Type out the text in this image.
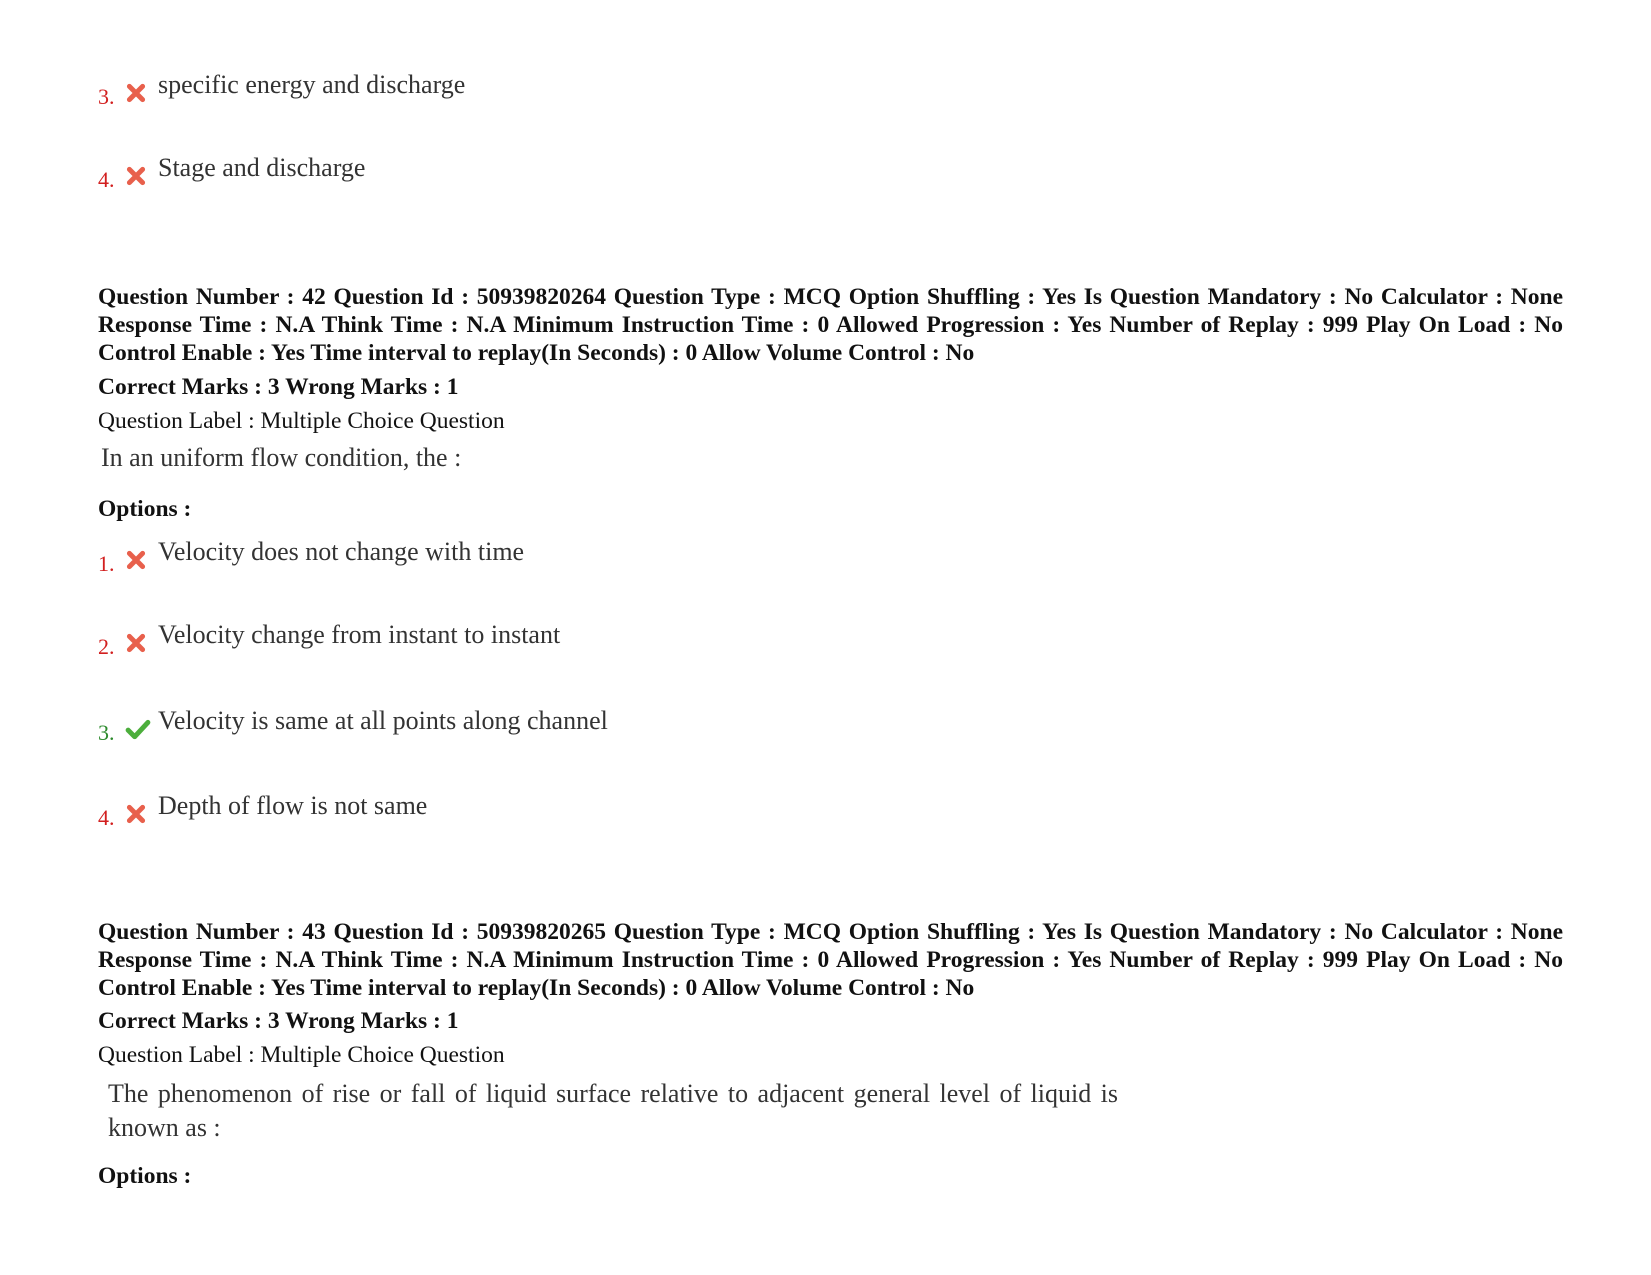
3. specific energy and discharge
4. Stage and discharge
Question Number : 42 Question Id : 50939820264 Question Type : MCQ Option Shuffling : Yes Is Question Mandatory : No Calculator : None Response Time : N.A Think Time : N.A Minimum Instruction Time : 0 Allowed Progression : Yes Number of Replay : 999 Play On Load : No Control Enable : Yes Time interval to replay(In Seconds) : 0 Allow Volume Control : No
Correct Marks : 3 Wrong Marks : 1
Question Label : Multiple Choice Question
In an uniform flow condition, the :
Options :
1. Velocity does not change with time
2. Velocity change from instant to instant
3. Velocity is same at all points along channel
4. Depth of flow is not same
Question Number : 43 Question Id : 50939820265 Question Type : MCQ Option Shuffling : Yes Is Question Mandatory : No Calculator : None Response Time : N.A Think Time : N.A Minimum Instruction Time : 0 Allowed Progression : Yes Number of Replay : 999 Play On Load : No Control Enable : Yes Time interval to replay(In Seconds) : 0 Allow Volume Control : No
Correct Marks : 3 Wrong Marks : 1
Question Label : Multiple Choice Question
The phenomenon of rise or fall of liquid surface relative to adjacent general level of liquid is known as :
Options :
